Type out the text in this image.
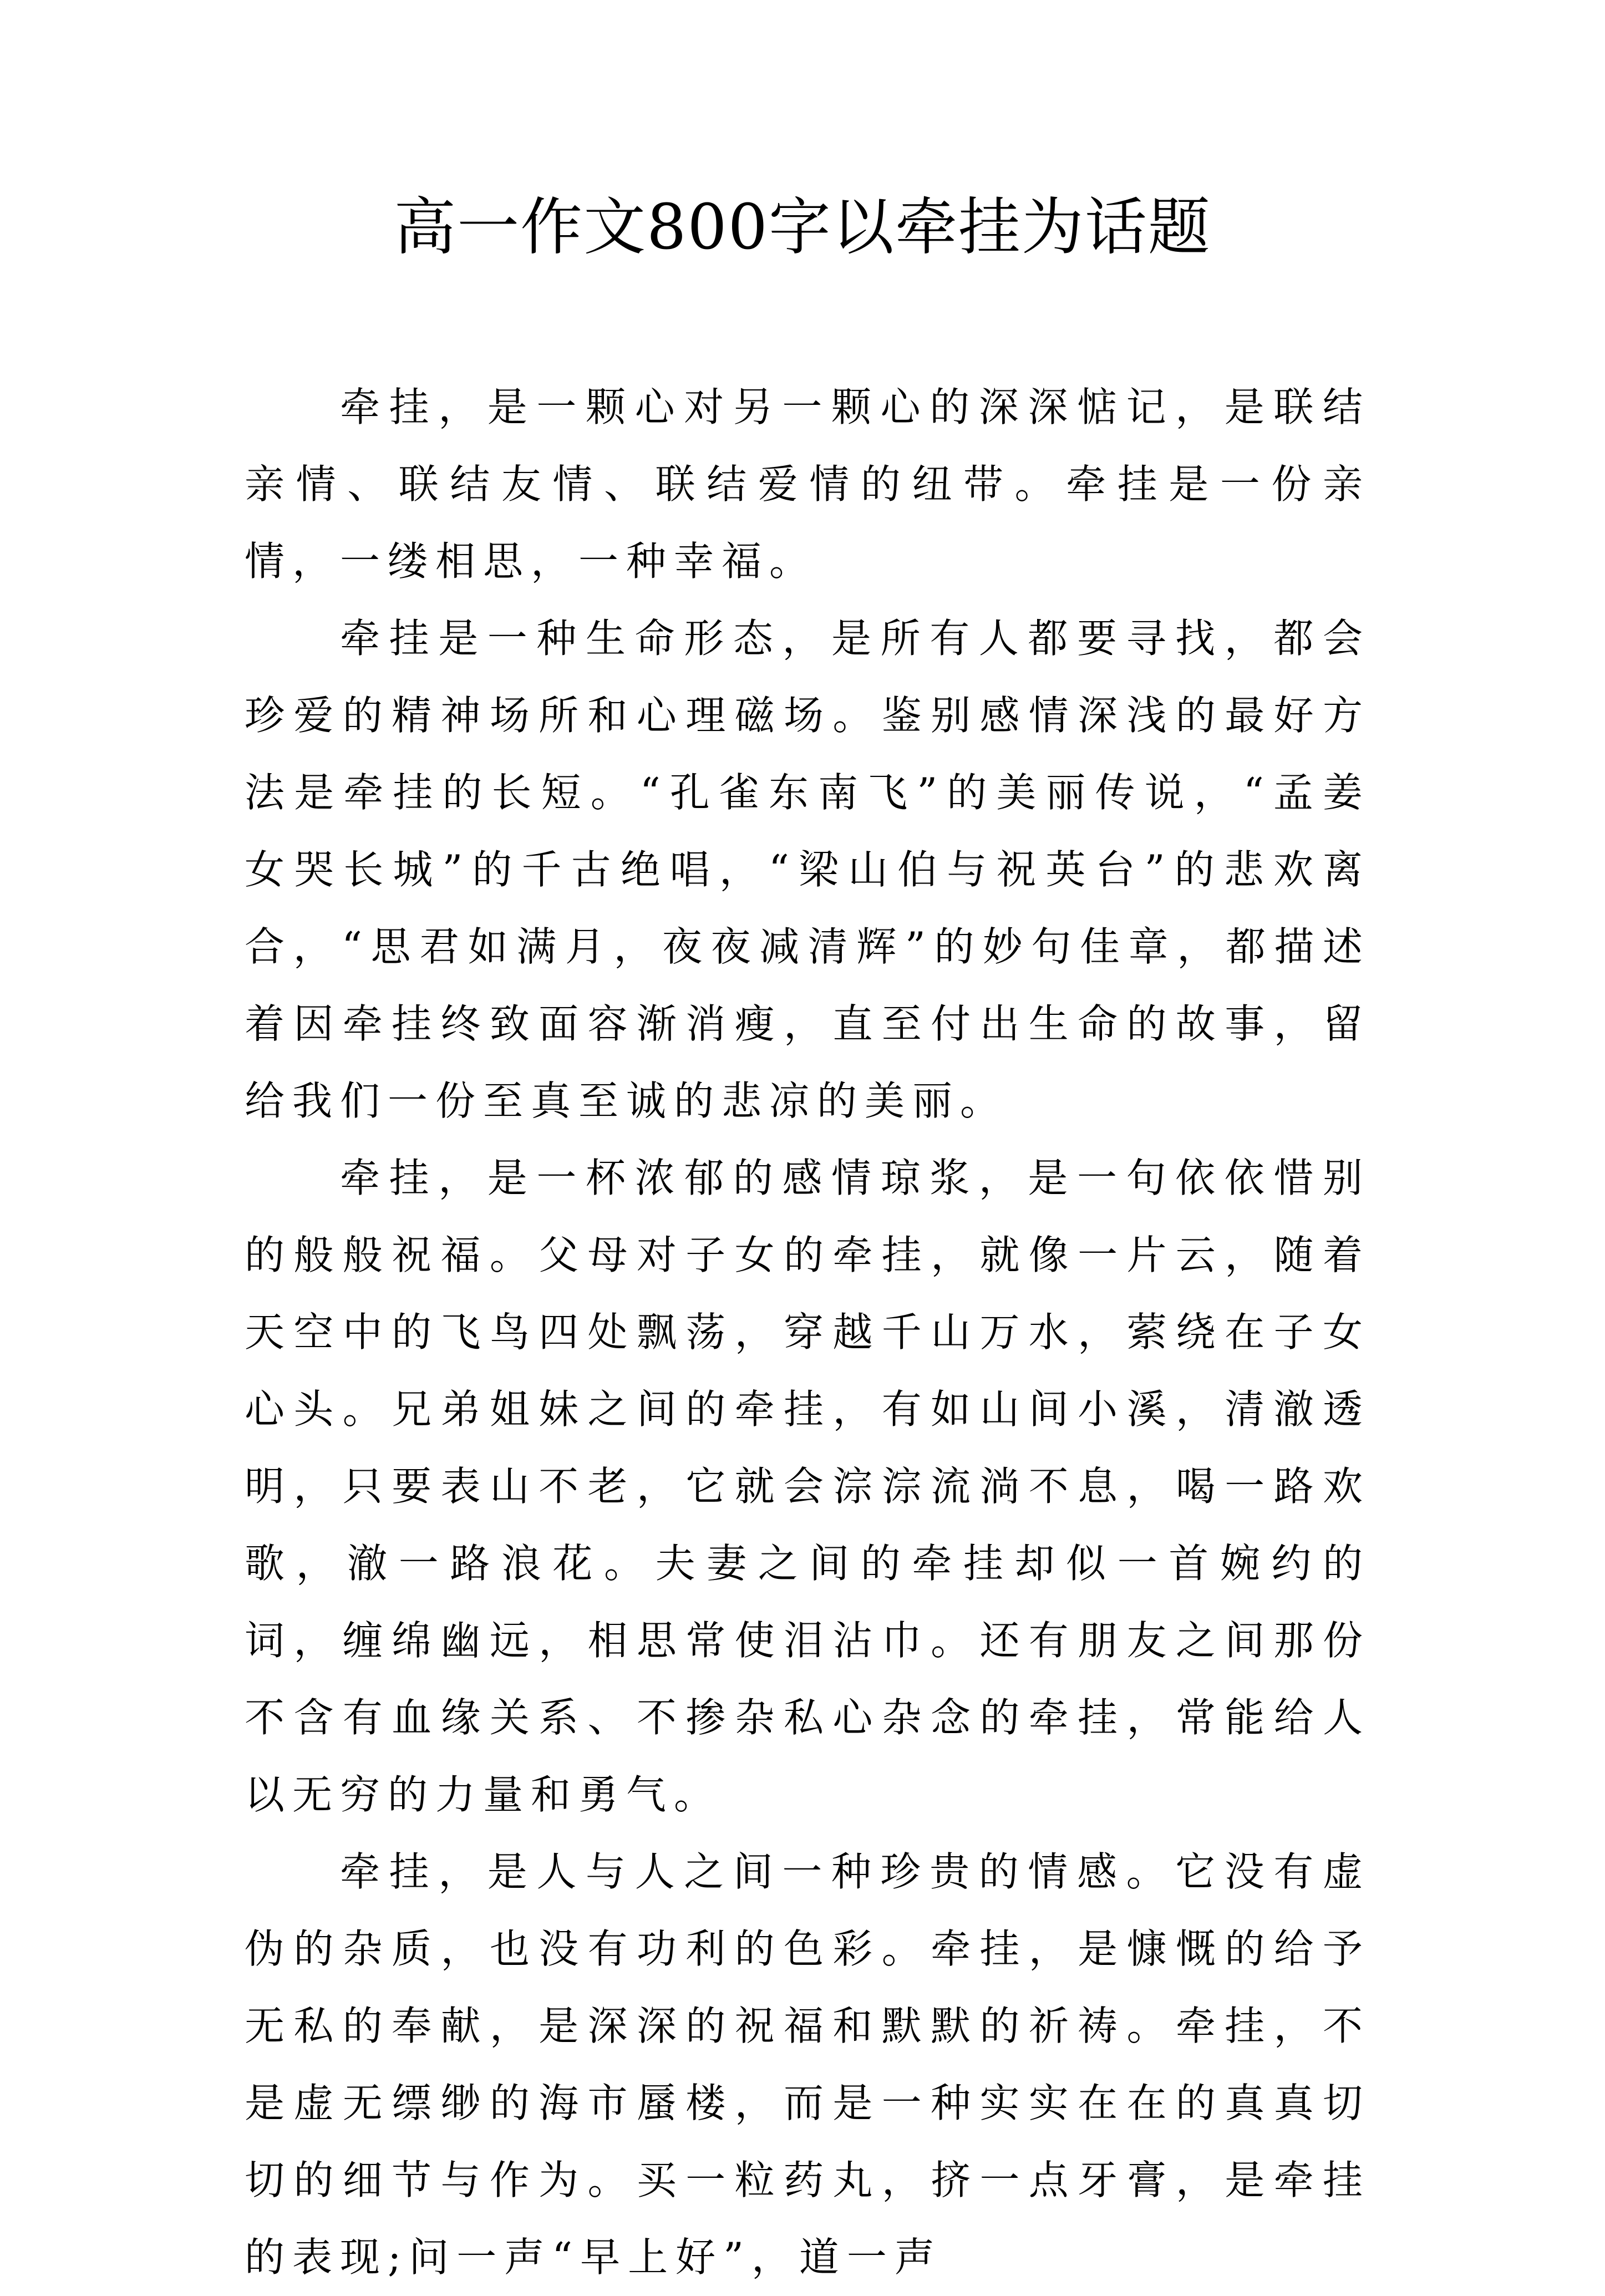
高一作文800字以牵挂为话题

牵挂，是一颗心对另一颗心的深深惦记，是联结亲情、联结友情、联结爱情的纽带。牵挂是一份亲情，一缕相思，一种幸福。

牵挂是一种生命形态，是所有人都要寻找，都会珍爱的精神场所和心理磁场。鉴别感情深浅的最好方法是牵挂的长短。“孔雀东南飞”的美丽传说，“孟姜女哭长城”的千古绝唱，“梁山伯与祝英台”的悲欢离合，“思君如满月，夜夜减清辉”的妙句佳章，都描述着因牵挂终致面容渐消瘦，直至付出生命的故事，留给我们一份至真至诚的悲凉的美丽。

牵挂，是一杯浓郁的感情琼浆，是一句依依惜别的般般祝福。父母对子女的牵挂，就像一片云，随着天空中的飞鸟四处飘荡，穿越千山万水，萦绕在子女心头。兄弟姐妹之间的牵挂，有如山间小溪，清澈透明，只要表山不老，它就会淙淙流淌不息，喝一路欢歌，澈一路浪花。夫妻之间的牵挂却似一首婉约的词，缠绵幽远，相思常使泪沾巾。还有朋友之间那份不含有血缘关系、不掺杂私心杂念的牵挂，常能给人以无穷的力量和勇气。

牵挂，是人与人之间一种珍贵的情感。它没有虚伪的杂质，也没有功利的色彩。牵挂，是慷慨的给予无私的奉献，是深深的祝福和默默的祈祷。牵挂，不是虚无缥缈的海市蜃楼，而是一种实实在在的真真切切的细节与作为。买一粒药丸，挤一点牙膏，是牵挂的表现;问一声“早上好”，道一声
